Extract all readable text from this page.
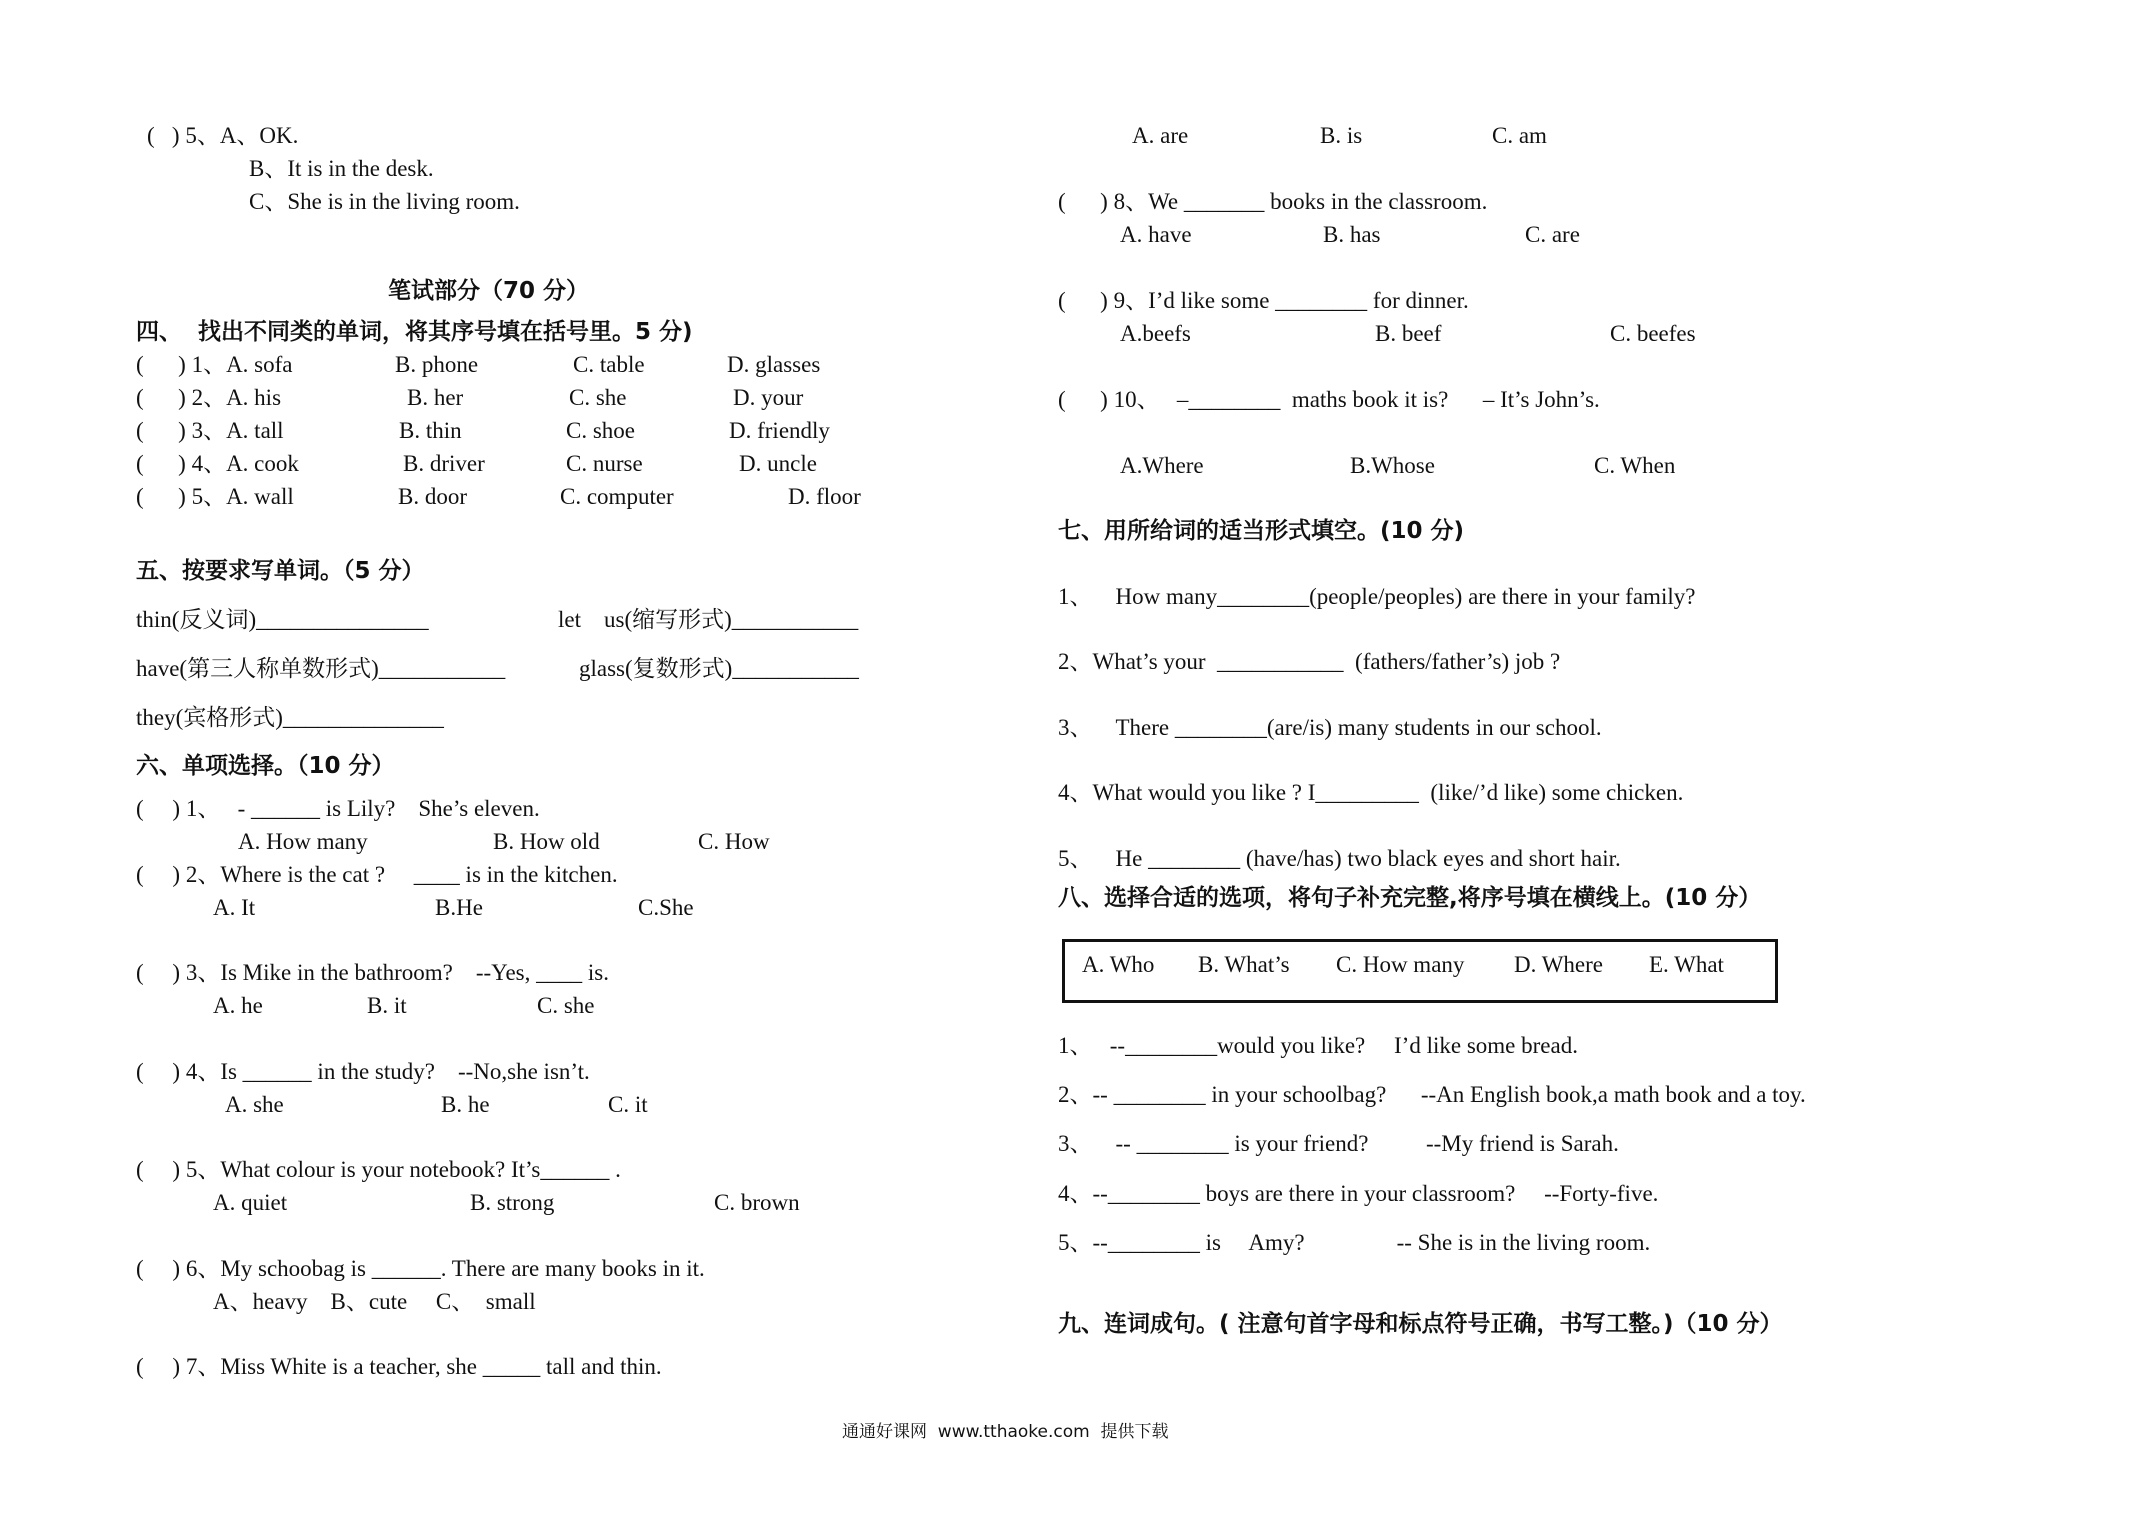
(   ) 5、A、OK.
B、It is in the desk.
C、She is in the living room.
笔试部分（70 分）
四、  找出不同类的单词，将其序号填在括号里。5 分)
(      ) 1、A. sofa	B. phone	C. table	D. glasses
(      ) 2、A. his	B. her	C. she	D. your
(      ) 3、A. tall	B. thin	C. shoe	D. friendly
(      ) 4、A. cook	B. driver	C. nurse	D. uncle
(      ) 5、A. wall	B. door	C. computer	D. floor
五、按要求写单词。（5 分）
thin(反义词)_______________	let    us(缩写形式)___________
have(第三人称单数形式)___________	glass(复数形式)___________
they(宾格形式)______________
六、单项选择。（10 分）
(     ) 1、   - ______ is Lily?    She’s eleven.
A. How many	B. How old	C. How
(     ) 2、Where is the cat ?     ____ is in the kitchen.
A. It	B.He	C.She
(     ) 3、Is Mike in the bathroom?    --Yes, ____ is.
A. he	B. it	C. she
(     ) 4、Is ______ in the study?    --No,she isn’t.
A. she	B. he	C. it
(     ) 5、What colour is your notebook? It’s______ .
A. quiet	B. strong	C. brown
(     ) 6、My schoobag is ______. There are many books in it.
A、heavy    B、cute     C、  small
(     ) 7、Miss White is a teacher, she _____ tall and thin.
A. are	B. is	C. am
(      ) 8、We _______ books in the classroom.
A. have	B. has	C. are
(      ) 9、I’d like some ________ for dinner.
A.beefs	B. beef	C. beefes
(      ) 10、   –________  maths book it is?      – It’s John’s.
A.Where	B.Whose	C. When
七、用所给词的适当形式填空。(10 分)
1、    How many________(people/peoples) are there in your family?
2、What’s your  ___________  (fathers/father’s) job ?
3、    There ________(are/is) many students in our school.
4、What would you like ? I_________  (like/’d like) some chicken.
5、    He ________ (have/has) two black eyes and short hair.
八、选择合适的选项，将句子补充完整,将序号填在横线上。(10 分）
A. Who B. What’s C. How many D. Where E. What
1、   --________would you like?     I’d like some bread.
2、-- ________ in your schoolbag?      --An English book,a math book and a toy.
3、    -- ________ is your friend?          --My friend is Sarah.
4、--________ boys are there in your classroom?     --Forty-five.
5、--________ is     Amy?                -- She is in the living room.
九、连词成句。( 注意句首字母和标点符号正确，书写工整。)（10 分）
通通好课网  www.tthaoke.com  提供下载
